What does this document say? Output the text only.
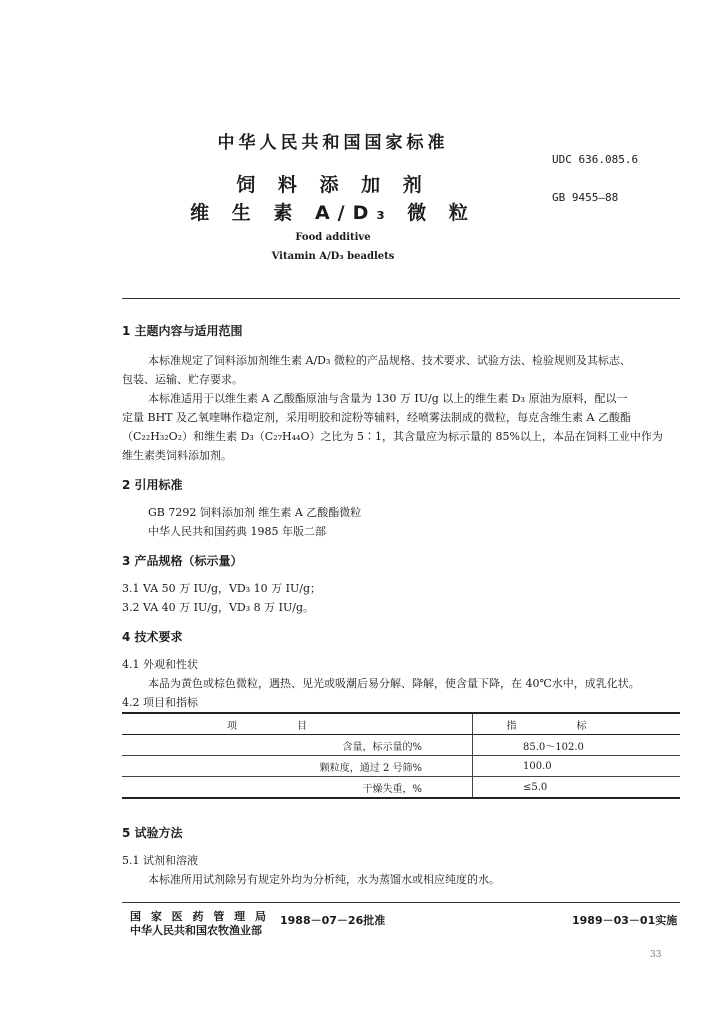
中华人民共和国国家标准
UDC 636.085.6
饲 料 添 加 剂
GB 9455—88
维 生 素 A/D₃ 微 粒
Food additive
Vitamin A/D₃ beadlets
1 主题内容与适用范围
本标准规定了饲料添加剂维生素 A/D₃ 微粒的产品规格、技术要求、试验方法、检验规则及其标志、
包装、运输、贮存要求。
本标准适用于以维生素 A 乙酸酯原油与含量为 130 万 IU/g 以上的维生素 D₃ 原油为原料，配以一
定量 BHT 及乙氧喹啉作稳定剂，采用明胶和淀粉等辅料，经喷雾法制成的微粒，每克含维生素 A 乙酸酯
（C₂₂H₃₂O₂）和维生素 D₃（C₂₇H₄₄O）之比为 5∶1，其含量应为标示量的 85%以上，本品在饲料工业中作为
维生素类饲料添加剂。
2 引用标准
GB 7292 饲料添加剂 维生素 A 乙酸酯微粒
中华人民共和国药典 1985 年版二部
3 产品规格（标示量）
3.1 VA 50 万 IU/g，VD₃ 10 万 IU/g；
3.2 VA 40 万 IU/g，VD₃ 8 万 IU/g。
4 技术要求
4.1 外观和性状
本品为黄色或棕色微粒，遇热、见光或吸潮后易分解、降解，使含量下降，在 40℃水中，成乳化状。
4.2 项目和指标
项目	指标
含量，标示量的%	85.0～102.0
颗粒度，通过 2 号筛%	100.0
干燥失重，%	≤5.0
5 试验方法
5.1 试剂和溶液
本标准所用试剂除另有规定外均为分析纯，水为蒸馏水或相应纯度的水。
国 家 医 药 管 理 局
中华人民共和国农牧渔业部
1988－07－26批准	1989－03－01实施
33
